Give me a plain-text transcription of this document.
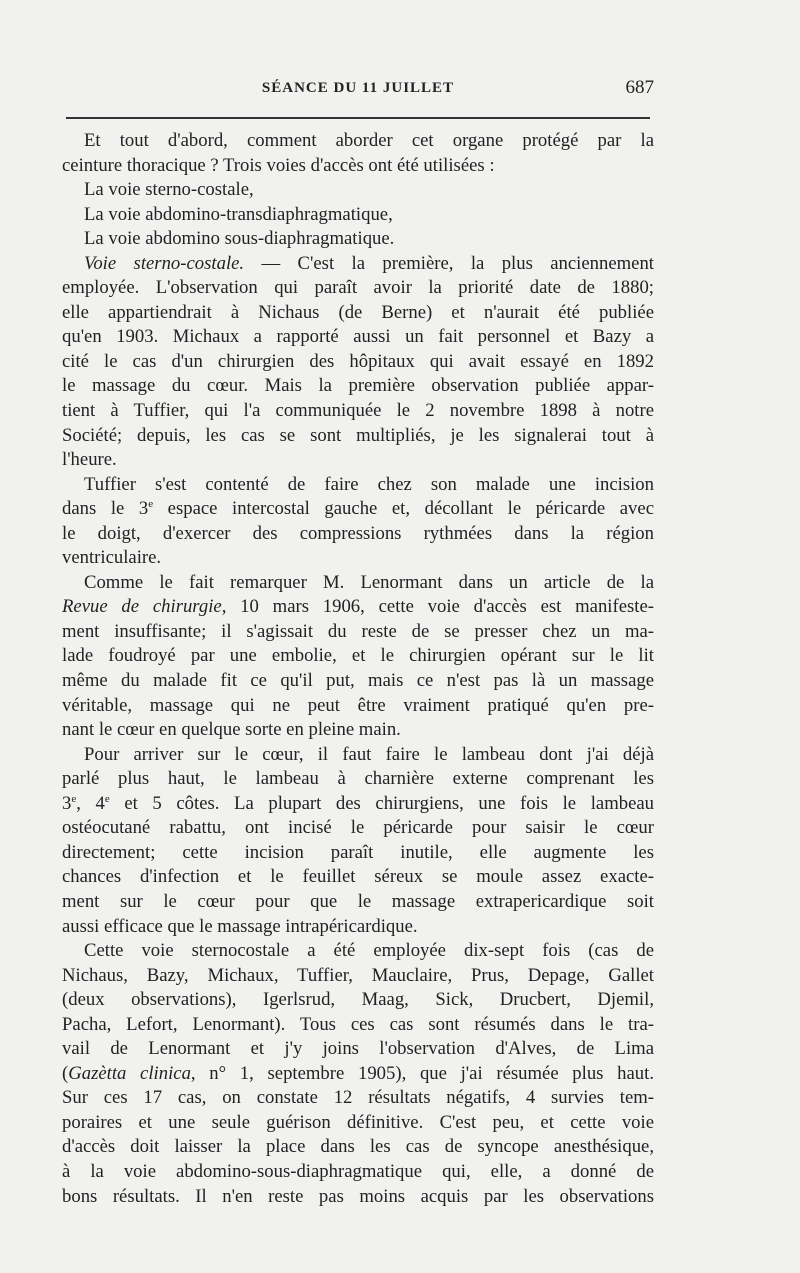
SÉANCE DU 11 JUILLET	687
Et tout d'abord, comment aborder cet organe protégé par la
ceinture thoracique ? Trois voies d'accès ont été utilisées :
La voie sterno-costale,
La voie abdomino-transdiaphragmatique,
La voie abdomino sous-diaphragmatique.
Voie sterno-costale. — C'est la première, la plus anciennement
employée. L'observation qui paraît avoir la priorité date de 1880;
elle appartiendrait à Nichaus (de Berne) et n'aurait été publiée
qu'en 1903. Michaux a rapporté aussi un fait personnel et Bazy a
cité le cas d'un chirurgien des hôpitaux qui avait essayé en 1892
le massage du cœur. Mais la première observation publiée appar-
tient à Tuffier, qui l'a communiquée le 2 novembre 1898 à notre
Société; depuis, les cas se sont multipliés, je les signalerai tout à
l'heure.
Tuffier s'est contenté de faire chez son malade une incision
dans le 3e espace intercostal gauche et, décollant le péricarde avec
le doigt, d'exercer des compressions rythmées dans la région
ventriculaire.
Comme le fait remarquer M. Lenormant dans un article de la
Revue de chirurgie, 10 mars 1906, cette voie d'accès est manifeste-
ment insuffisante; il s'agissait du reste de se presser chez un ma-
lade foudroyé par une embolie, et le chirurgien opérant sur le lit
même du malade fit ce qu'il put, mais ce n'est pas là un massage
véritable, massage qui ne peut être vraiment pratiqué qu'en pre-
nant le cœur en quelque sorte en pleine main.
Pour arriver sur le cœur, il faut faire le lambeau dont j'ai déjà
parlé plus haut, le lambeau à charnière externe comprenant les
3e, 4e et 5 côtes. La plupart des chirurgiens, une fois le lambeau
ostéocutané rabattu, ont incisé le péricarde pour saisir le cœur
directement; cette incision paraît inutile, elle augmente les
chances d'infection et le feuillet séreux se moule assez exacte-
ment sur le cœur pour que le massage extrapericardique soit
aussi efficace que le massage intrapéricardique.
Cette voie sternocostale a été employée dix-sept fois (cas de
Nichaus, Bazy, Michaux, Tuffier, Mauclaire, Prus, Depage, Gallet
(deux observations), Igerlsrud, Maag, Sick, Drucbert, Djemil,
Pacha, Lefort, Lenormant). Tous ces cas sont résumés dans le tra-
vail de Lenormant et j'y joins l'observation d'Alves, de Lima
(Gazètta clinica, n° 1, septembre 1905), que j'ai résumée plus haut.
Sur ces 17 cas, on constate 12 résultats négatifs, 4 survies tem-
poraires et une seule guérison définitive. C'est peu, et cette voie
d'accès doit laisser la place dans les cas de syncope anesthésique,
à la voie abdomino-sous-diaphragmatique qui, elle, a donné de
bons résultats. Il n'en reste pas moins acquis par les observations
